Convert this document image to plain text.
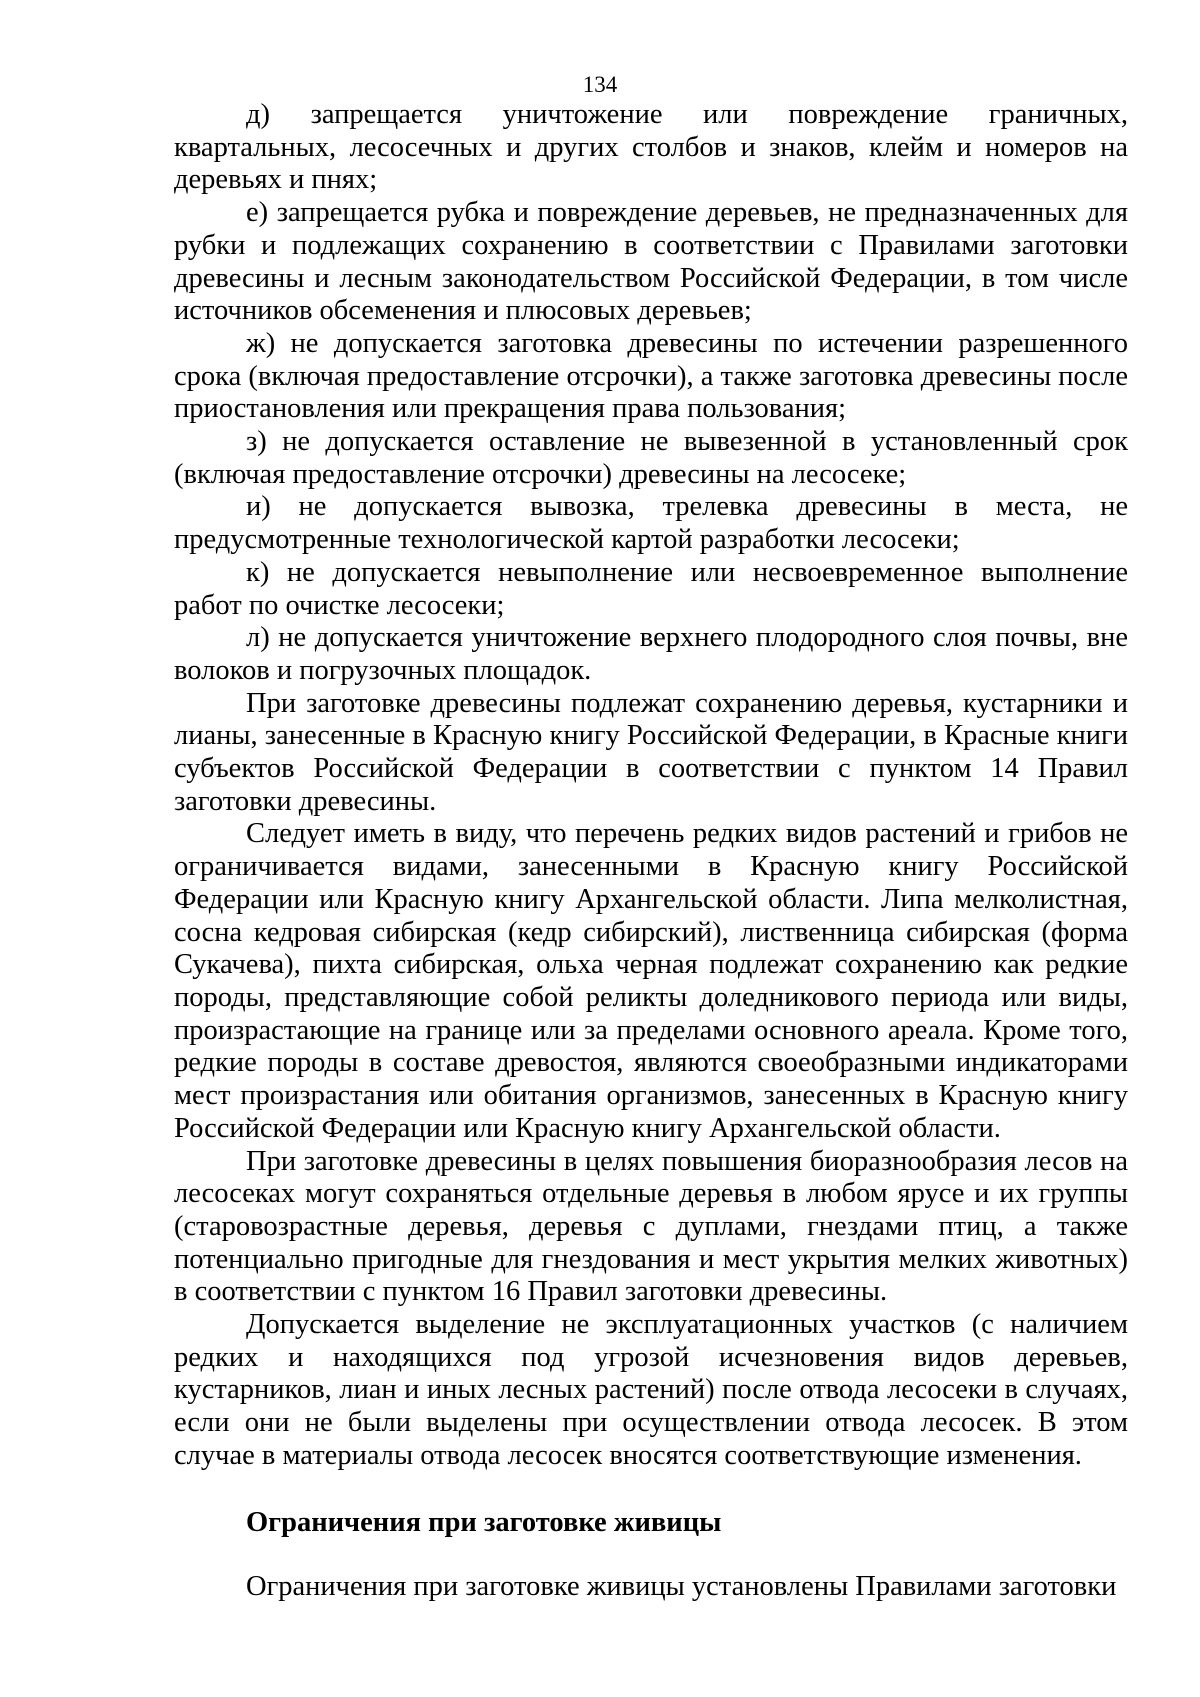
134

д) запрещается уничтожение или повреждение граничных, квартальных, лесосечных и других столбов и знаков, клейм и номеров на деревьях и пнях;

е) запрещается рубка и повреждение деревьев, не предназначенных для рубки и подлежащих сохранению в соответствии с Правилами заготовки древесины и лесным законодательством Российской Федерации, в том числе источников обсеменения и плюсовых деревьев;

ж) не допускается заготовка древесины по истечении разрешенного срока (включая предоставление отсрочки), а также заготовка древесины после приостановления или прекращения права пользования;

з) не допускается оставление не вывезенной в установленный срок (включая предоставление отсрочки) древесины на лесосеке;

и) не допускается вывозка, трелевка древесины в места, не предусмотренные технологической картой разработки лесосеки;

к) не допускается невыполнение или несвоевременное выполнение работ по очистке лесосеки;

л) не допускается уничтожение верхнего плодородного слоя почвы, вне волоков и погрузочных площадок.

При заготовке древесины подлежат сохранению деревья, кустарники и лианы, занесенные в Красную книгу Российской Федерации, в Красные книги субъектов Российской Федерации в соответствии с пунктом 14 Правил заготовки древесины.

Следует иметь в виду, что перечень редких видов растений и грибов не ограничивается видами, занесенными в Красную книгу Российской Федерации или Красную книгу Архангельской области. Липа мелколистная, сосна кедровая сибирская (кедр сибирский), лиственница сибирская (форма Сукачева), пихта сибирская, ольха черная подлежат сохранению как редкие породы, представляющие собой реликты доледникового периода или виды, произрастающие на границе или за пределами основного ареала. Кроме того, редкие породы в составе древостоя, являются своеобразными индикаторами мест произрастания или обитания организмов, занесенных в Красную книгу Российской Федерации или Красную книгу Архангельской области.

При заготовке древесины в целях повышения биоразнообразия лесов на лесосеках могут сохраняться отдельные деревья в любом ярусе и их группы (старовозрастные деревья, деревья с дуплами, гнездами птиц, а также потенциально пригодные для гнездования и мест укрытия мелких животных) в соответствии с пунктом 16 Правил заготовки древесины.

Допускается выделение не эксплуатационных участков (с наличием редких и находящихся под угрозой исчезновения видов деревьев, кустарников, лиан и иных лесных растений) после отвода лесосеки в случаях, если они не были выделены при осуществлении отвода лесосек. В этом случае в материалы отвода лесосек вносятся соответствующие изменения.

Ограничения при заготовке живицы

Ограничения при заготовке живицы установлены Правилами заготовки
